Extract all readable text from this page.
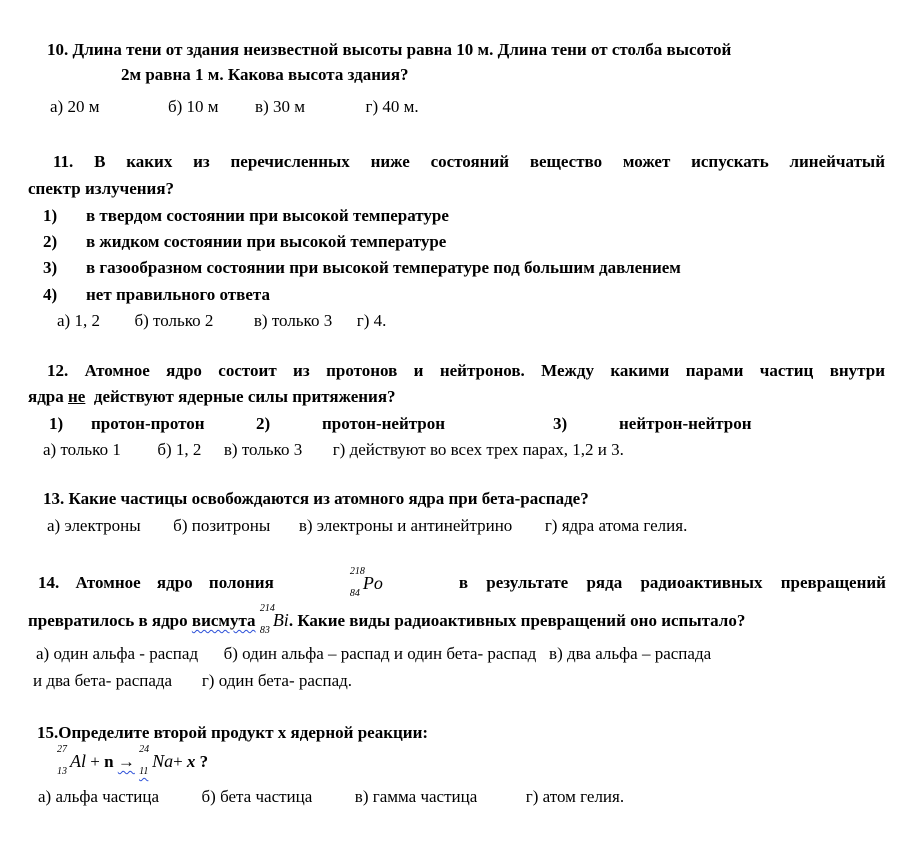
10. Длина тени от здания неизвестной высоты равна 10 м. Длина тени от столба высотой
2м равна 1 м. Какова высота здания?
а) 20 м	б) 10 м в) 30 м	г) 40 м.
11. В каких из перечисленных ниже состояний вещество может испускать линейчатый
спектр излучения?
1) в твердом состоянии при высокой температуре
2) в жидком состоянии при высокой температуре
3) в газообразном состоянии при высокой температуре под большим давлением
4) нет правильного ответа
а) 1, 2 б) только 2 в) только 3 г) 4.
12. Атомное ядро состоит из протонов и нейтронов. Между какими парами частиц внутри
ядра не действуют ядерные силы притяжения?
1) протон-протон	2)	протон-нейтрон	3)	нейтрон-нейтрон
а) только 1 б) 1, 2 в) только 3 г) действуют во всех трех парах, 1,2 и 3.
13. Какие частицы освобождаются из атомного ядра при бета-распаде?
а) электроны б) позитроны в) электроны и антинейтрино г) ядра атома гелия.
14. Атомное ядро полония
218
84
Po	в результате ряда радиоактивных превращений
превратилось в ядро висмута
214
83
Bi. Какие виды радиоактивных превращений оно испытало?
а) один альфа - распад      б) один альфа – распад и один бета- распад   в) два альфа – распада
и два бета- распада       г) один бета- распад.
15.Определите второй продукт х ядерной реакции:
27
13
Al + n →
24
11
Na+ x ?
а) альфа частица	б) бета частица	в) гамма частица	г) атом гелия.
